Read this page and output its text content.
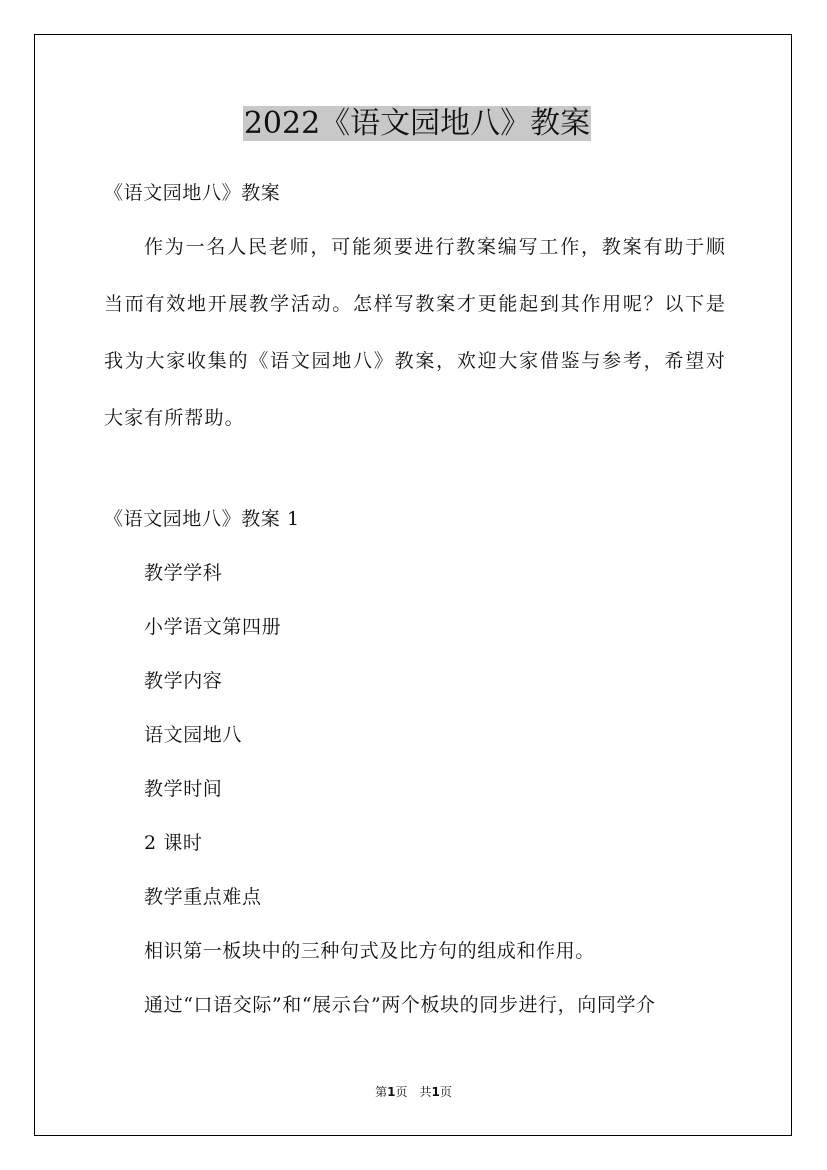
2022《语文园地八》教案
《语文园地八》教案
作为一名人民老师，可能须要进行教案编写工作，教案有助于顺当而有效地开展教学活动。怎样写教案才更能起到其作用呢？以下是我为大家收集的《语文园地八》教案，欢迎大家借鉴与参考，希望对大家有所帮助。
《语文园地八》教案 1
教学学科
小学语文第四册
教学内容
语文园地八
教学时间
2 课时
教学重点难点
相识第一板块中的三种句式及比方句的组成和作用。
通过“口语交际”和“展示台”两个板块的同步进行，向同学介
第1页　共1页
